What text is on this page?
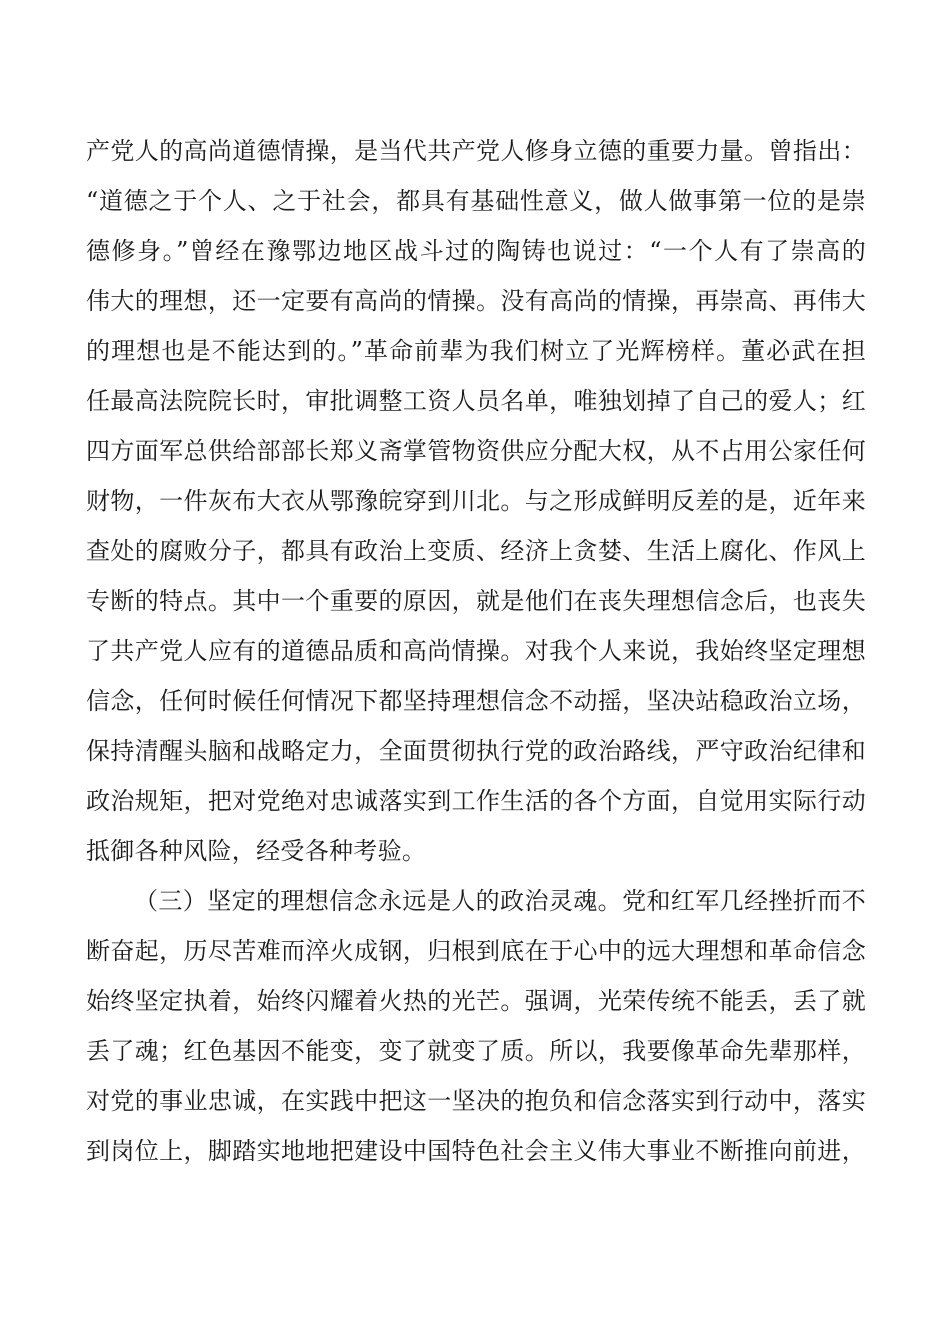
产党人的高尚道德情操，是当代共产党人修身立德的重要力量。曾指出：
“道德之于个人、之于社会，都具有基础性意义，做人做事第一位的是崇
德修身。”曾经在豫鄂边地区战斗过的陶铸也说过：“一个人有了崇高的
伟大的理想，还一定要有高尚的情操。没有高尚的情操，再崇高、再伟大
的理想也是不能达到的。”革命前辈为我们树立了光辉榜样。董必武在担
任最高法院院长时，审批调整工资人员名单，唯独划掉了自己的爱人；红
四方面军总供给部部长郑义斋掌管物资供应分配大权，从不占用公家任何
财物，一件灰布大衣从鄂豫皖穿到川北。与之形成鲜明反差的是，近年来
查处的腐败分子，都具有政治上变质、经济上贪婪、生活上腐化、作风上
专断的特点。其中一个重要的原因，就是他们在丧失理想信念后，也丧失
了共产党人应有的道德品质和高尚情操。对我个人来说，我始终坚定理想
信念，任何时候任何情况下都坚持理想信念不动摇，坚决站稳政治立场，
保持清醒头脑和战略定力，全面贯彻执行党的政治路线，严守政治纪律和
政治规矩，把对党绝对忠诚落实到工作生活的各个方面，自觉用实际行动
抵御各种风险，经受各种考验。
（三）坚定的理想信念永远是人的政治灵魂。党和红军几经挫折而不
断奋起，历尽苦难而淬火成钢，归根到底在于心中的远大理想和革命信念
始终坚定执着，始终闪耀着火热的光芒。强调，光荣传统不能丢，丢了就
丢了魂；红色基因不能变，变了就变了质。所以，我要像革命先辈那样，
对党的事业忠诚，在实践中把这一坚决的抱负和信念落实到行动中，落实
到岗位上，脚踏实地地把建设中国特色社会主义伟大事业不断推向前进，
